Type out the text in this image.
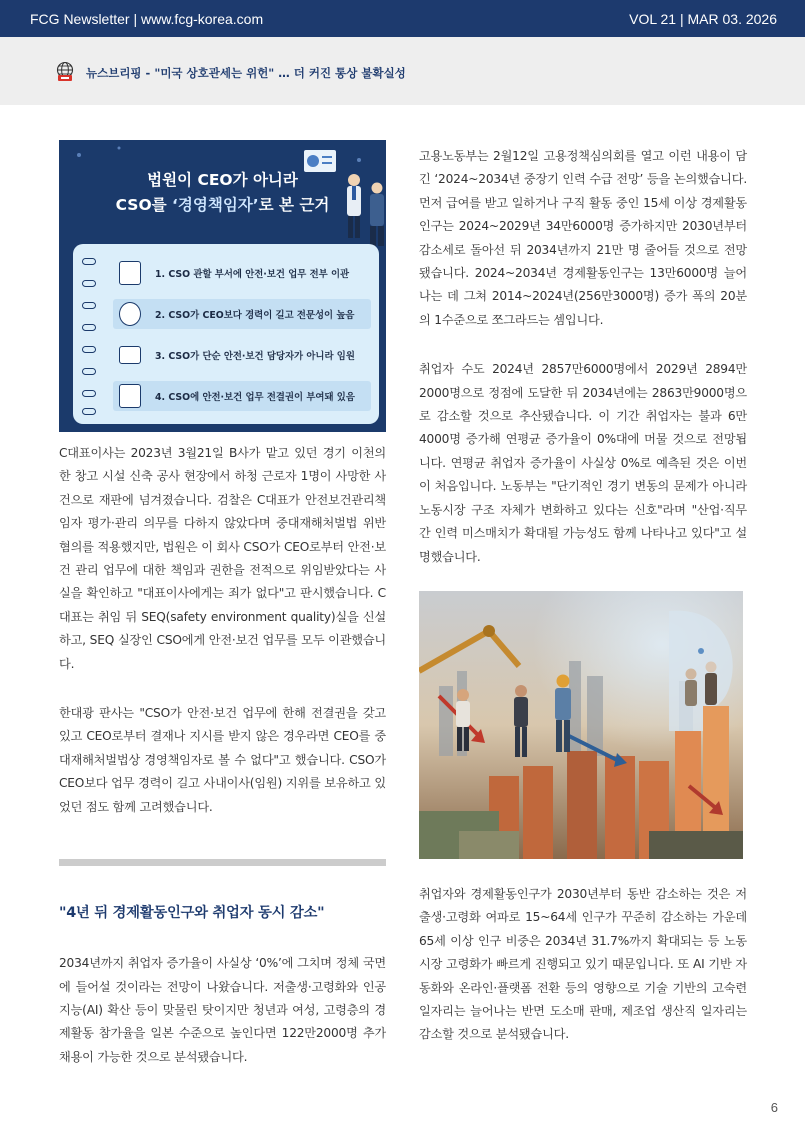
FCG Newsletter | www.fcg-korea.com	VOL 21 | MAR 03. 2026
뉴스브리핑 - "미국 상호관세는 위헌" … 더 커진 통상 불확실성
법원이 CEO가 아니라
CSO를 ‘경영책임자’로 본 근거
1. CSO 관할 부서에 안전·보건 업무 전부 이관
2. CSO가 CEO보다 경력이 길고 전문성이 높음
3. CSO가 단순 안전·보건 담당자가 아니라 임원
4. CSO에 안전·보건 업무 전결권이 부여돼 있음

C대표이사는 2023년 3월21일 B사가 맡고 있던 경기 이천의 한 창고 시설 신축 공사 현장에서 하청 근로자 1명이 사망한 사건으로 재판에 넘겨졌습니다. 검찰은 C대표가 안전보건관리책임자 평가·관리 의무를 다하지 않았다며 중대재해처벌법 위반 혐의를 적용했지만, 법원은 이 회사 CSO가 CEO로부터 안전·보건 관리 업무에 대한 책임과 권한을 전적으로 위임받았다는 사실을 확인하고 "대표이사에게는 죄가 없다"고 판시했습니다. C대표는 취임 뒤 SEQ(safety environment quality)실을 신설하고, SEQ 실장인 CSO에게 안전·보건 업무를 모두 이관했습니다.

한대광 판사는 "CSO가 안전·보건 업무에 한해 전결권을 갖고 있고 CEO로부터 결재나 지시를 받지 않은 경우라면 CEO를 중대재해처벌법상 경영책임자로 볼 수 없다"고 했습니다. CSO가 CEO보다 업무 경력이 길고 사내이사(임원) 지위를 보유하고 있었던 점도 함께 고려했습니다.

"4년 뒤 경제활동인구와 취업자 동시 감소"

2034년까지 취업자 증가율이 사실상 ‘0%’에 그치며 정체 국면에 들어설 것이라는 전망이 나왔습니다. 저출생·고령화와 인공지능(AI) 확산 등이 맞물린 탓이지만 청년과 여성, 고령층의 경제활동 참가율을 일본 수준으로 높인다면 122만2000명 추가 채용이 가능한 것으로 분석됐습니다.

고용노동부는 2월12일 고용정책심의회를 열고 이런 내용이 담긴 ‘2024~2034년 중장기 인력 수급 전망’ 등을 논의했습니다. 먼저 급여를 받고 일하거나 구직 활동 중인 15세 이상 경제활동인구는 2024~2029년 34만6000명 증가하지만 2030년부터 감소세로 돌아선 뒤 2034년까지 21만 명 줄어들 것으로 전망됐습니다. 2024~2034년 경제활동인구는 13만6000명 늘어나는 데 그쳐 2014~2024년(256만3000명) 증가 폭의 20분의 1수준으로 쪼그라드는 셈입니다.

취업자 수도 2024년 2857만6000명에서 2029년 2894만2000명으로 정점에 도달한 뒤 2034년에는 2863만9000명으로 감소할 것으로 추산됐습니다. 이 기간 취업자는 불과 6만4000명 증가해 연평균 증가율이 0%대에 머물 것으로 전망됩니다. 연평균 취업자 증가율이 사실상 0%로 예측된 것은 이번이 처음입니다. 노동부는 "단기적인 경기 변동의 문제가 아니라 노동시장 구조 자체가 변화하고 있다는 신호"라며 "산업·직무 간 인력 미스매치가 확대될 가능성도 함께 나타나고 있다"고 설명했습니다.

취업자와 경제활동인구가 2030년부터 동반 감소하는 것은 저출생·고령화 여파로 15~64세 인구가 꾸준히 감소하는 가운데 65세 이상 인구 비중은 2034년 31.7%까지 확대되는 등 노동시장 고령화가 빠르게 진행되고 있기 때문입니다. 또 AI 기반 자동화와 온라인·플랫폼 전환 등의 영향으로 기술 기반의 고숙련 일자리는 늘어나는 반면 도소매 판매, 제조업 생산직 일자리는 감소할 것으로 분석됐습니다.

6
